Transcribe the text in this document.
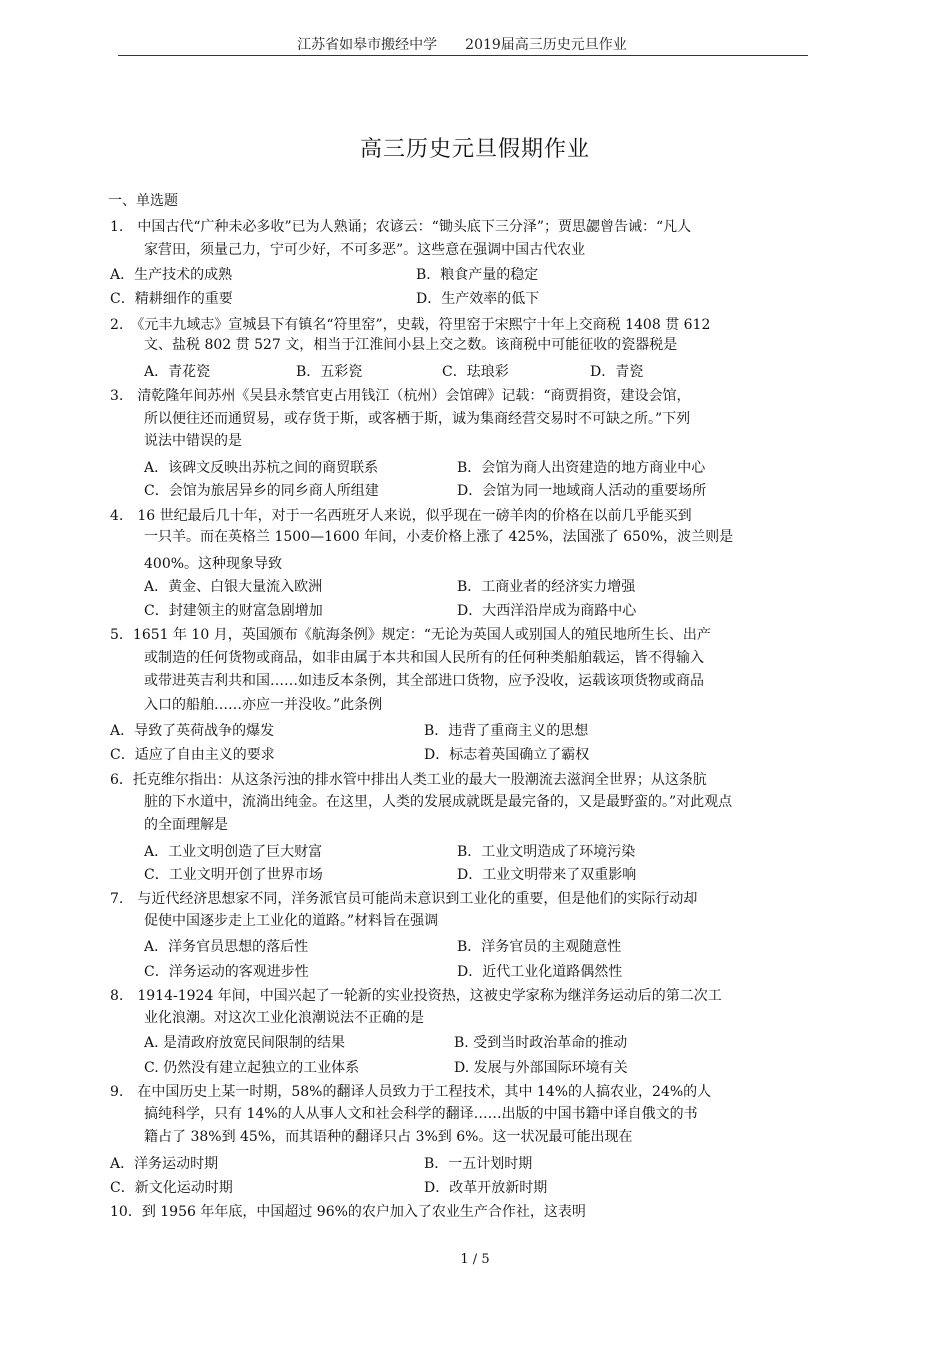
江苏省如皋市搬经中学　　2019届高三历史元旦作业
高三历史元旦假期作业
一、单选题
1.　中国古代“广种未必多收”已为人熟诵；农谚云：“锄头底下三分泽”；贾思勰曾告诫：“凡人
家营田，须量己力，宁可少好，不可多恶”。这些意在强调中国古代农业
A．生产技术的成熟	B．粮食产量的稳定
C．精耕细作的重要	D．生产效率的低下
2.　《元丰九域志》宣城县下有镇名“符里窑”，史载，符里窑于宋熙宁十年上交商税 1408 贯 612
文、盐税 802 贯 527 文，相当于江淮间小县上交之数。该商税中可能征收的瓷器税是
A．青花瓷	B．五彩瓷	C．珐琅彩	D．青瓷
3.　清乾隆年间苏州《吴县永禁官吏占用钱江（杭州）会馆碑》记载：“商贾捐资，建设会馆，
所以便往还而通贸易，或存货于斯，或客栖于斯，诚为集商经营交易时不可缺之所。”下列
说法中错误的是
A．该碑文反映出苏杭之间的商贸联系	B．会馆为商人出资建造的地方商业中心
C．会馆为旅居异乡的同乡商人所组建	D．会馆为同一地域商人活动的重要场所
4.　16 世纪最后几十年，对于一名西班牙人来说，似乎现在一磅羊肉的价格在以前几乎能买到
一只羊。而在英格兰 1500—1600 年间，小麦价格上涨了 425%，法国涨了 650%，波兰则是
400%。这种现象导致
A．黄金、白银大量流入欧洲	B．工商业者的经济实力增强
C．封建领主的财富急剧增加	D．大西洋沿岸成为商路中心
5．1651 年 10 月，英国颁布《航海条例》规定：“无论为英国人或别国人的殖民地所生长、出产
或制造的任何货物或商品，如非由属于本共和国人民所有的任何种类船舶载运，皆不得输入
或带进英吉利共和国……如违反本条例，其全部进口货物，应予没收，运载该项货物或商品
入口的船舶……亦应一并没收。”此条例
A．导致了英荷战争的爆发	B．违背了重商主义的思想
C．适应了自由主义的要求	D．标志着英国确立了霸权
6．托克维尔指出：从这条污浊的排水管中排出人类工业的最大一股潮流去滋润全世界；从这条肮
脏的下水道中，流淌出纯金。在这里，人类的发展成就既是最完备的，又是最野蛮的。”对此观点
的全面理解是
A．工业文明创造了巨大财富	B．工业文明造成了环境污染
C．工业文明开创了世界市场	D．工业文明带来了双重影响
7.　与近代经济思想家不同，洋务派官员可能尚未意识到工业化的重要，但是他们的实际行动却
促使中国逐步走上工业化的道路。”材料旨在强调
A．洋务官员思想的落后性	B．洋务官员的主观随意性
C．洋务运动的客观进步性	D．近代工业化道路偶然性
8.　1914-1924 年间，中国兴起了一轮新的实业投资热，这被史学家称为继洋务运动后的第二次工
业化浪潮。对这次工业化浪潮说法不正确的是
A. 是清政府放宽民间限制的结果	B. 受到当时政治革命的推动
C. 仍然没有建立起独立的工业体系	D. 发展与外部国际环境有关
9.　在中国历史上某一时期，58%的翻译人员致力于工程技术，其中 14%的人搞农业，24%的人
搞纯科学，只有 14%的人从事人文和社会科学的翻译……出版的中国书籍中译自俄文的书
籍占了 38%到 45%，而其语种的翻译只占 3%到 6%。这一状况最可能出现在
A．洋务运动时期	B．一五计划时期
C．新文化运动时期	D．改革开放新时期
10．到 1956 年年底，中国超过 96%的农户加入了农业生产合作社，这表明
1 / 5
